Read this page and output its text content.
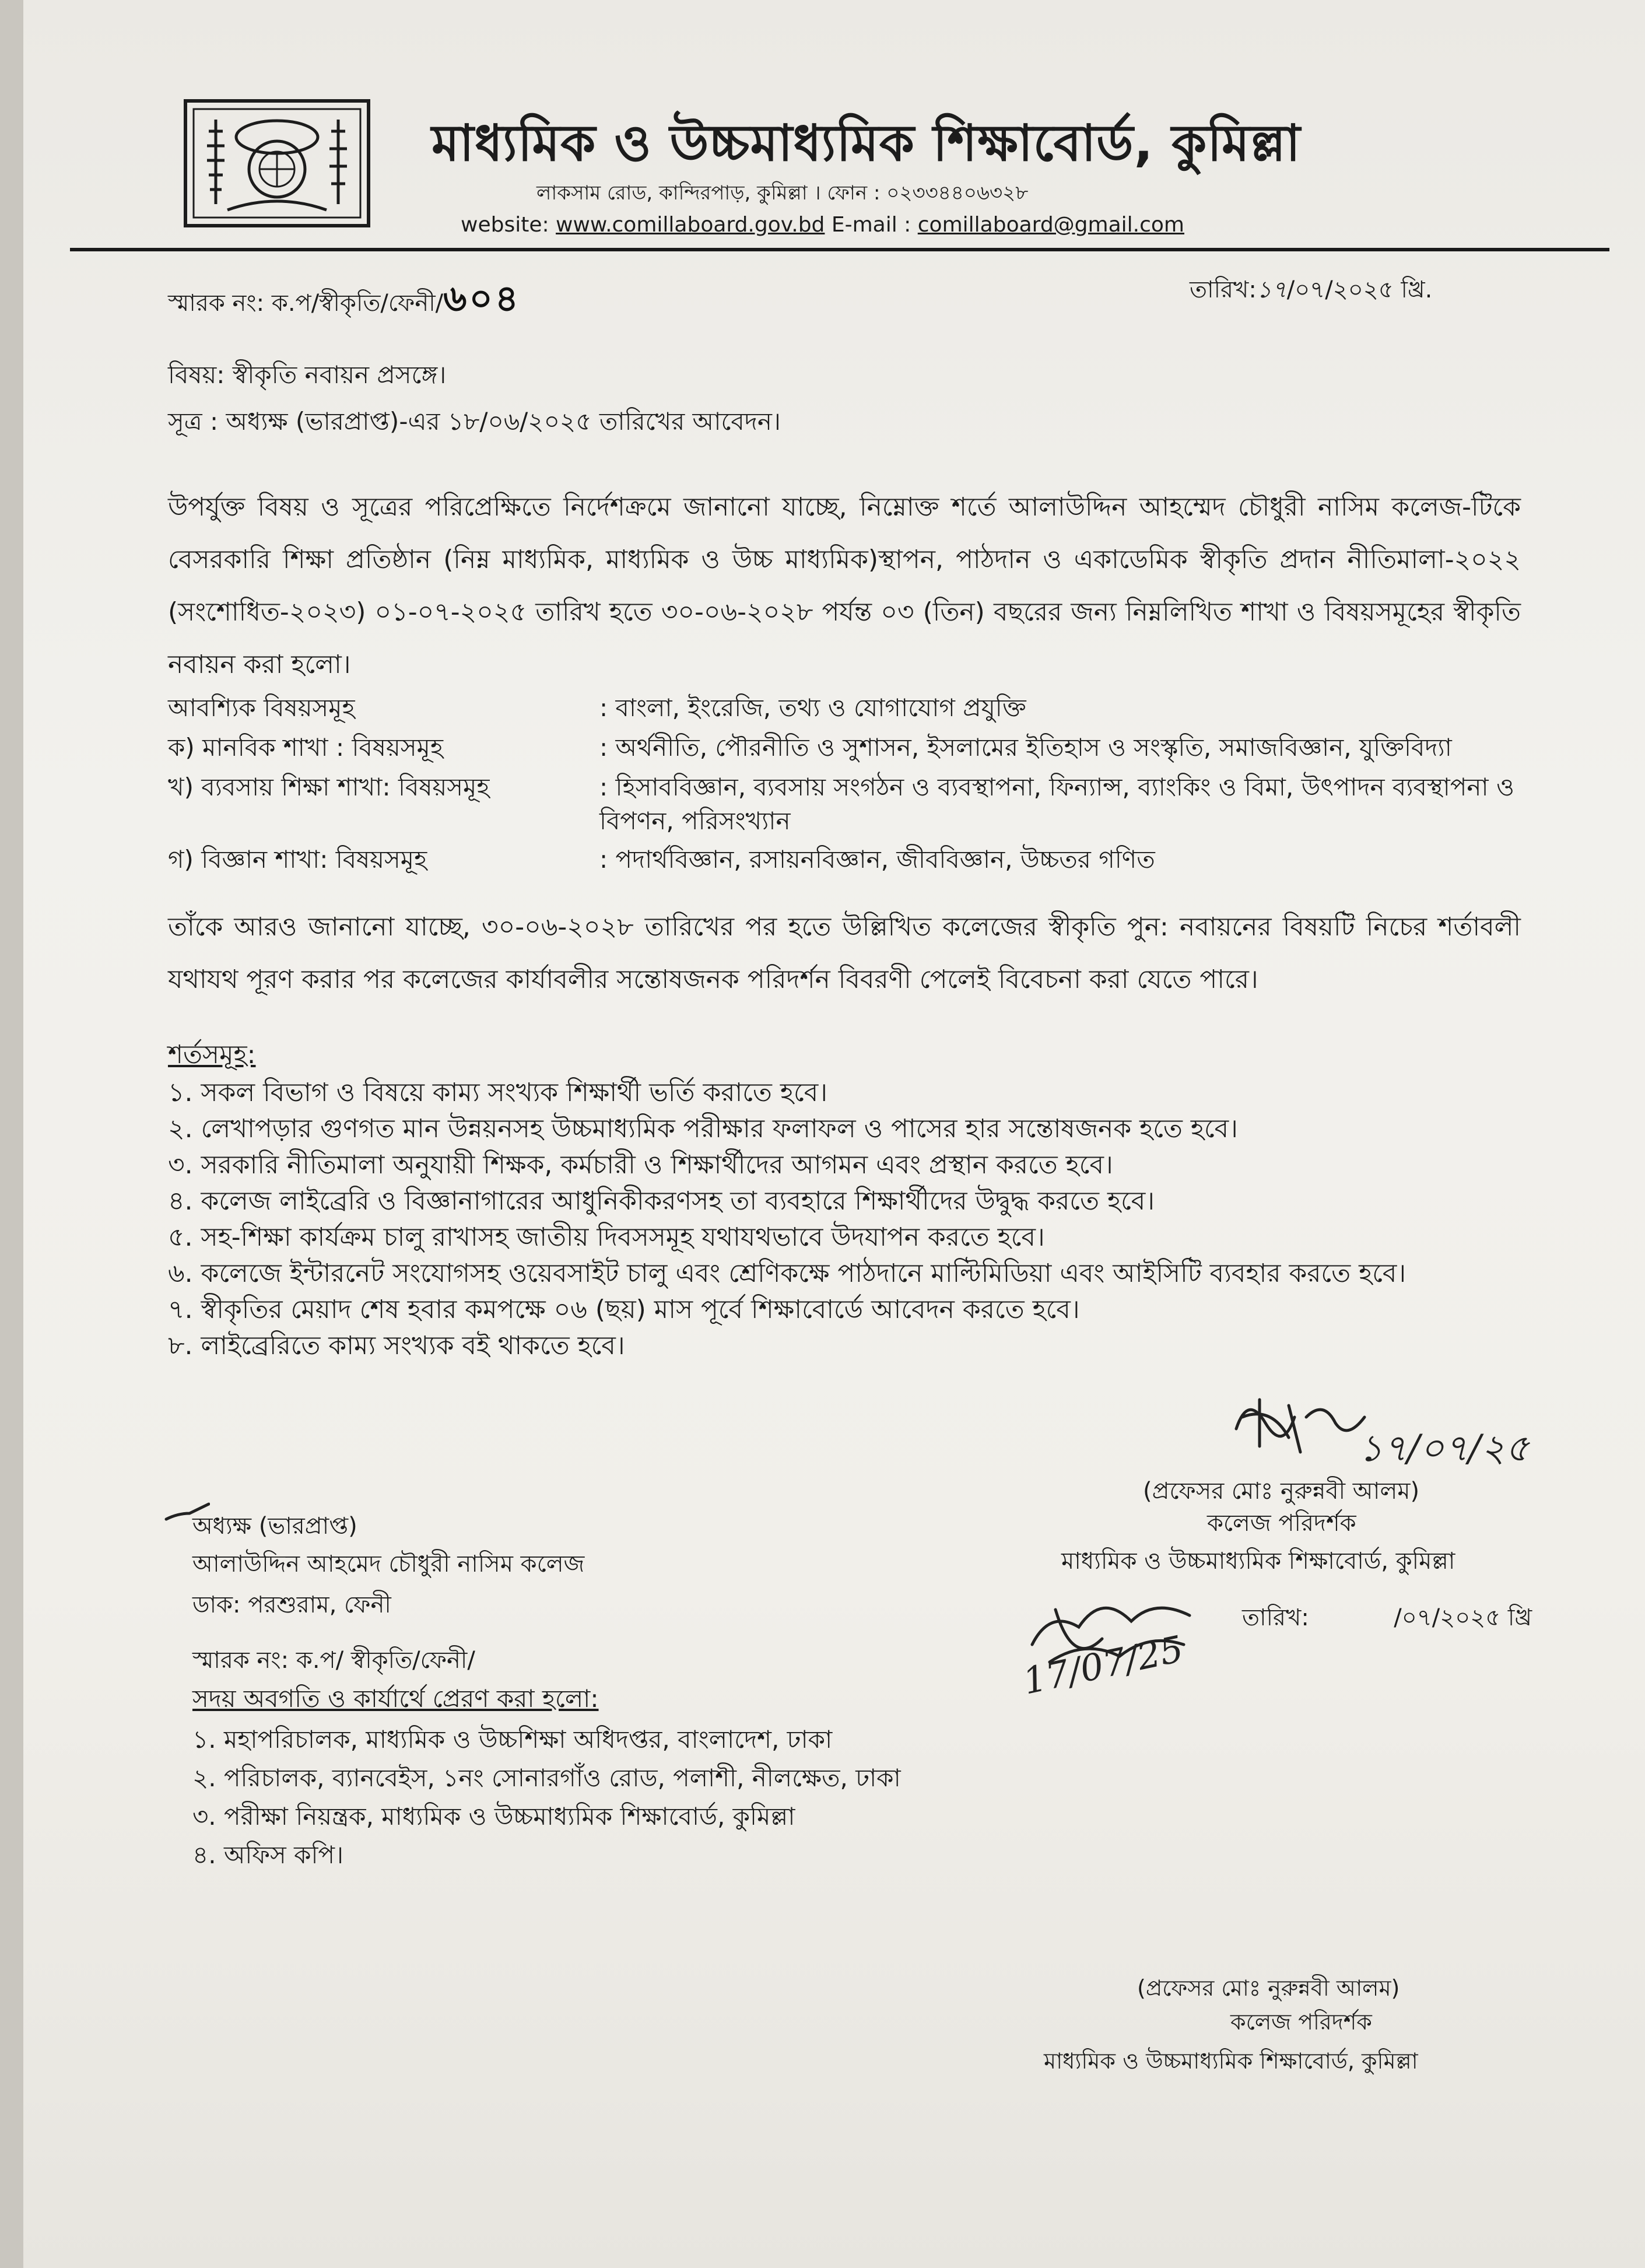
মাধ্যমিক ও উচ্চমাধ্যমিক শিক্ষাবোর্ড, কুমিল্লা
লাকসাম রোড, কান্দিরপাড়, কুমিল্লা । ফোন : ০২৩৩৪৪০৬৩২৮
website: www.comillaboard.gov.bd E-mail : comillaboard@gmail.com
স্মারক নং: ক.প/স্বীকৃতি/ফেনী/৬০৪	তারিখ:১৭/০৭/২০২৫ খ্রি.
বিষয়: স্বীকৃতি নবায়ন প্রসঙ্গে।
সূত্র : অধ্যক্ষ (ভারপ্রাপ্ত)-এর ১৮/০৬/২০২৫ তারিখের আবেদন।
উপর্যুক্ত বিষয় ও সূত্রের পরিপ্রেক্ষিতে নির্দেশক্রমে জানানো যাচ্ছে, নিম্নোক্ত শর্তে আলাউদ্দিন আহম্মেদ চৌধুরী নাসিম কলেজ-টিকে বেসরকারি শিক্ষা প্রতিষ্ঠান (নিম্ন মাধ্যমিক, মাধ্যমিক ও উচ্চ মাধ্যমিক)স্থাপন, পাঠদান ও একাডেমিক স্বীকৃতি প্রদান নীতিমালা-২০২২ (সংশোধিত-২০২৩) ০১-০৭-২০২৫ তারিখ হতে ৩০-০৬-২০২৮ পর্যন্ত ০৩ (তিন) বছরের জন্য নিম্নলিখিত শাখা ও বিষয়সমূহের স্বীকৃতি নবায়ন করা হলো।
আবশ্যিক বিষয়সমূহ	: বাংলা, ইংরেজি, তথ্য ও যোগাযোগ প্রযুক্তি
ক) মানবিক শাখা : বিষয়সমূহ	: অর্থনীতি, পৌরনীতি ও সুশাসন, ইসলামের ইতিহাস ও সংস্কৃতি, সমাজবিজ্ঞান, যুক্তিবিদ্যা
খ) ব্যবসায় শিক্ষা শাখা: বিষয়সমূহ	: হিসাববিজ্ঞান, ব্যবসায় সংগঠন ও ব্যবস্থাপনা, ফিন্যান্স, ব্যাংকিং ও বিমা, উৎপাদন ব্যবস্থাপনা ও বিপণন, পরিসংখ্যান
গ) বিজ্ঞান শাখা: বিষয়সমূহ	: পদার্থবিজ্ঞান, রসায়নবিজ্ঞান, জীববিজ্ঞান, উচ্চতর গণিত
তাঁকে আরও জানানো যাচ্ছে, ৩০-০৬-২০২৮ তারিখের পর হতে উল্লিখিত কলেজের স্বীকৃতি পুন: নবায়নের বিষয়টি নিচের শর্তাবলী যথাযথ পূরণ করার পর কলেজের কার্যাবলীর সন্তোষজনক পরিদর্শন বিবরণী পেলেই বিবেচনা করা যেতে পারে।
শর্তসমূহ:
১. সকল বিভাগ ও বিষয়ে কাম্য সংখ্যক শিক্ষার্থী ভর্তি করাতে হবে।
২. লেখাপড়ার গুণগত মান উন্নয়নসহ উচ্চমাধ্যমিক পরীক্ষার ফলাফল ও পাসের হার সন্তোষজনক হতে হবে।
৩. সরকারি নীতিমালা অনুযায়ী শিক্ষক, কর্মচারী ও শিক্ষার্থীদের আগমন এবং প্রস্থান করতে হবে।
৪. কলেজ লাইব্রেরি ও বিজ্ঞানাগারের আধুনিকীকরণসহ তা ব্যবহারে শিক্ষার্থীদের উদ্বুদ্ধ করতে হবে।
৫. সহ-শিক্ষা কার্যক্রম চালু রাখাসহ জাতীয় দিবসসমূহ যথাযথভাবে উদযাপন করতে হবে।
৬. কলেজে ইন্টারনেট সংযোগসহ ওয়েবসাইট চালু এবং শ্রেণিকক্ষে পাঠদানে মাল্টিমিডিয়া এবং আইসিটি ব্যবহার করতে হবে।
৭. স্বীকৃতির মেয়াদ শেষ হবার কমপক্ষে ০৬ (ছয়) মাস পূর্বে শিক্ষাবোর্ডে আবেদন করতে হবে।
৮. লাইব্রেরিতে কাম্য সংখ্যক বই থাকতে হবে।
১৭/০৭/২৫
(প্রফেসর মোঃ নুরুন্নবী আলম)
কলেজ পরিদর্শক
মাধ্যমিক ও উচ্চমাধ্যমিক শিক্ষাবোর্ড, কুমিল্লা
অধ্যক্ষ (ভারপ্রাপ্ত)
আলাউদ্দিন আহমেদ চৌধুরী নাসিম কলেজ
ডাক: পরশুরাম, ফেনী
17/07/25
তারিখ:	/০৭/২০২৫ খ্রি
স্মারক নং: ক.প/ স্বীকৃতি/ফেনী/
সদয় অবগতি ও কার্যার্থে প্রেরণ করা হলো:
১. মহাপরিচালক, মাধ্যমিক ও উচ্চশিক্ষা অধিদপ্তর, বাংলাদেশ, ঢাকা
২. পরিচালক, ব্যানবেইস, ১নং সোনারগাঁও রোড, পলাশী, নীলক্ষেত, ঢাকা
৩. পরীক্ষা নিয়ন্ত্রক, মাধ্যমিক ও উচ্চমাধ্যমিক শিক্ষাবোর্ড, কুমিল্লা
৪. অফিস কপি।
(প্রফেসর মোঃ নুরুন্নবী আলম)
কলেজ পরিদর্শক
মাধ্যমিক ও উচ্চমাধ্যমিক শিক্ষাবোর্ড, কুমিল্লা
